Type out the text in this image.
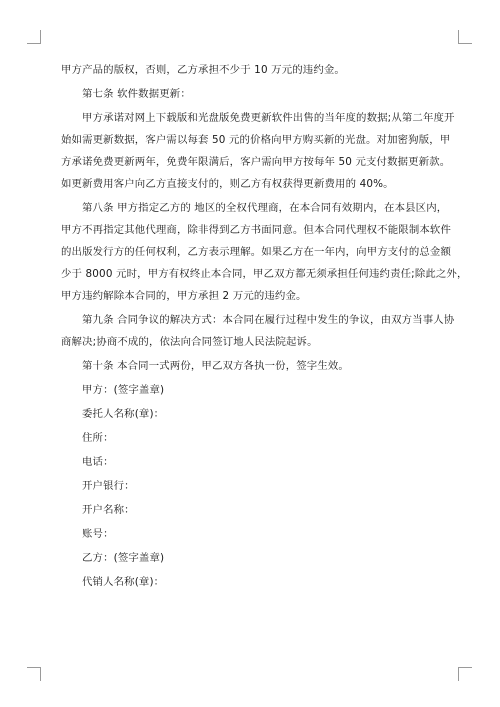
甲方产品的版权，否则，乙方承担不少于 10 万元的违约金。
第七条 软件数据更新：
甲方承诺对网上下载版和光盘版免费更新软件出售的当年度的数据;从第二年度开
始如需更新数据，客户需以每套 50 元的价格向甲方购买新的光盘。对加密狗版，甲
方承诺免费更新两年，免费年限满后，客户需向甲方按每年 50 元支付数据更新款。
如更新费用客户向乙方直接支付的，则乙方有权获得更新费用的 40%。
第八条 甲方指定乙方的 地区的全权代理商，在本合同有效期内，在本县区内，
甲方不再指定其他代理商，除非得到乙方书面同意。但本合同代理权不能限制本软件
的出版发行方的任何权利，乙方表示理解。如果乙方在一年内，向甲方支付的总金额
少于 8000 元时，甲方有权终止本合同，甲乙双方都无须承担任何违约责任;除此之外，
甲方违约解除本合同的，甲方承担 2 万元的违约金。
第九条 合同争议的解决方式：本合同在履行过程中发生的争议，由双方当事人协
商解决;协商不成的，依法向合同签订地人民法院起诉。
第十条 本合同一式两份，甲乙双方各执一份，签字生效。
甲方：(签字盖章)
委托人名称(章)：
住所：
电话：
开户银行：
开户名称：
账号：
乙方：(签字盖章)
代销人名称(章)：
